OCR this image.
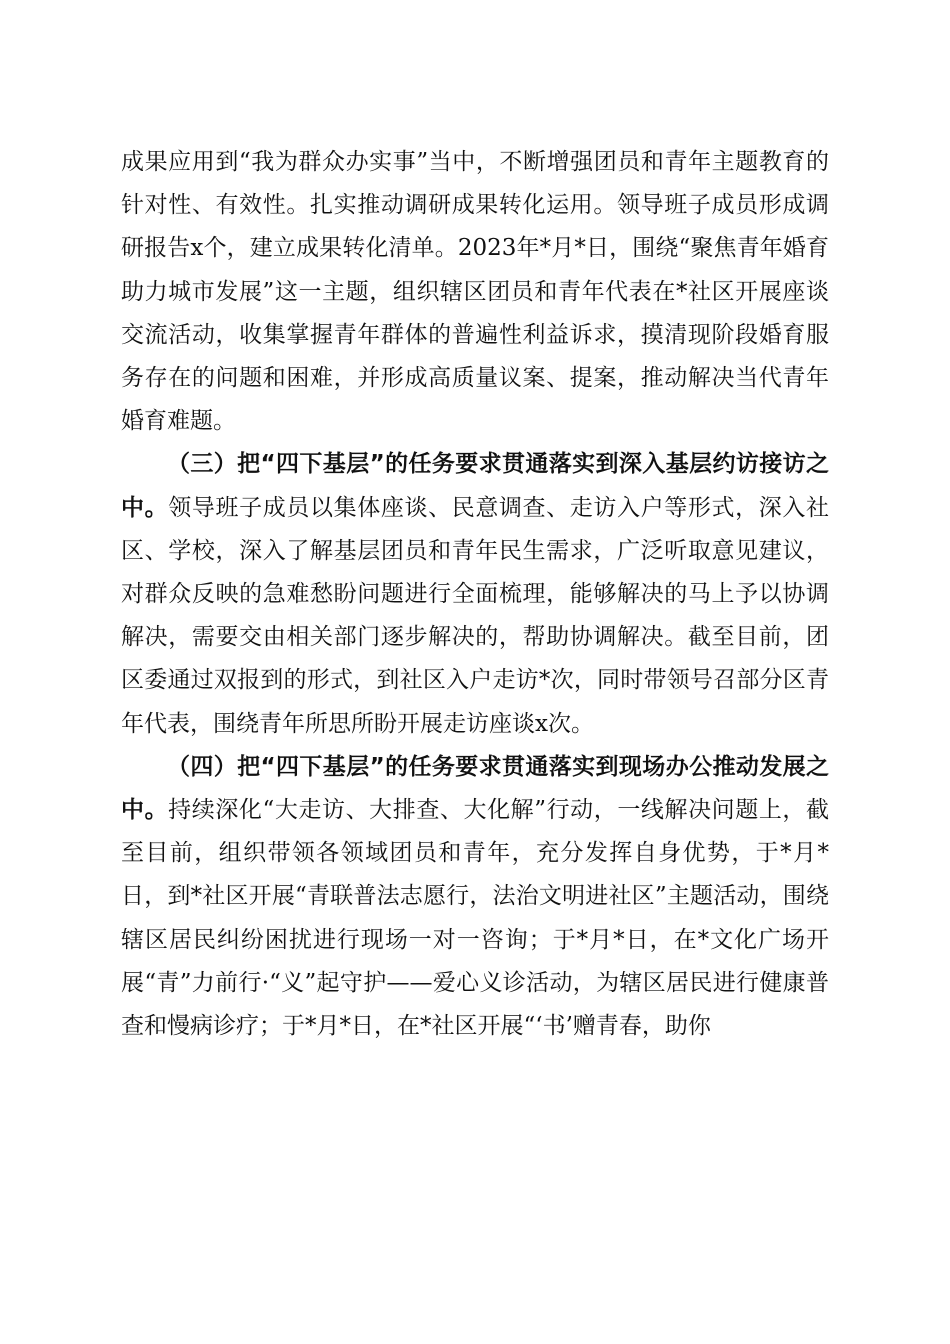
成果应用到“我为群众办实事”当中，不断增强团员和青年主题教育的针对性、有效性。扎实推动调研成果转化运用。领导班子成员形成调研报告x个，建立成果转化清单。2023年*月*日，围绕“聚焦青年婚育助力城市发展”这一主题，组织辖区团员和青年代表在*社区开展座谈交流活动，收集掌握青年群体的普遍性利益诉求，摸清现阶段婚育服务存在的问题和困难，并形成高质量议案、提案，推动解决当代青年婚育难题。

（三）把“四下基层”的任务要求贯通落实到深入基层约访接访之中。领导班子成员以集体座谈、民意调查、走访入户等形式，深入社区、学校，深入了解基层团员和青年民生需求，广泛听取意见建议，对群众反映的急难愁盼问题进行全面梳理，能够解决的马上予以协调解决，需要交由相关部门逐步解决的，帮助协调解决。截至目前，团区委通过双报到的形式，到社区入户走访*次，同时带领号召部分区青年代表，围绕青年所思所盼开展走访座谈x次。

（四）把“四下基层”的任务要求贯通落实到现场办公推动发展之中。持续深化“大走访、大排查、大化解”行动，一线解决问题上，截至目前，组织带领各领域团员和青年，充分发挥自身优势，于*月*日，到*社区开展“青联普法志愿行，法治文明进社区”主题活动，围绕辖区居民纠纷困扰进行现场一对一咨询；于*月*日，在*文化广场开展“青”力前行·“义”起守护——爱心义诊活动，为辖区居民进行健康普查和慢病诊疗；于*月*日，在*社区开展“‘书’赠青春，助你
